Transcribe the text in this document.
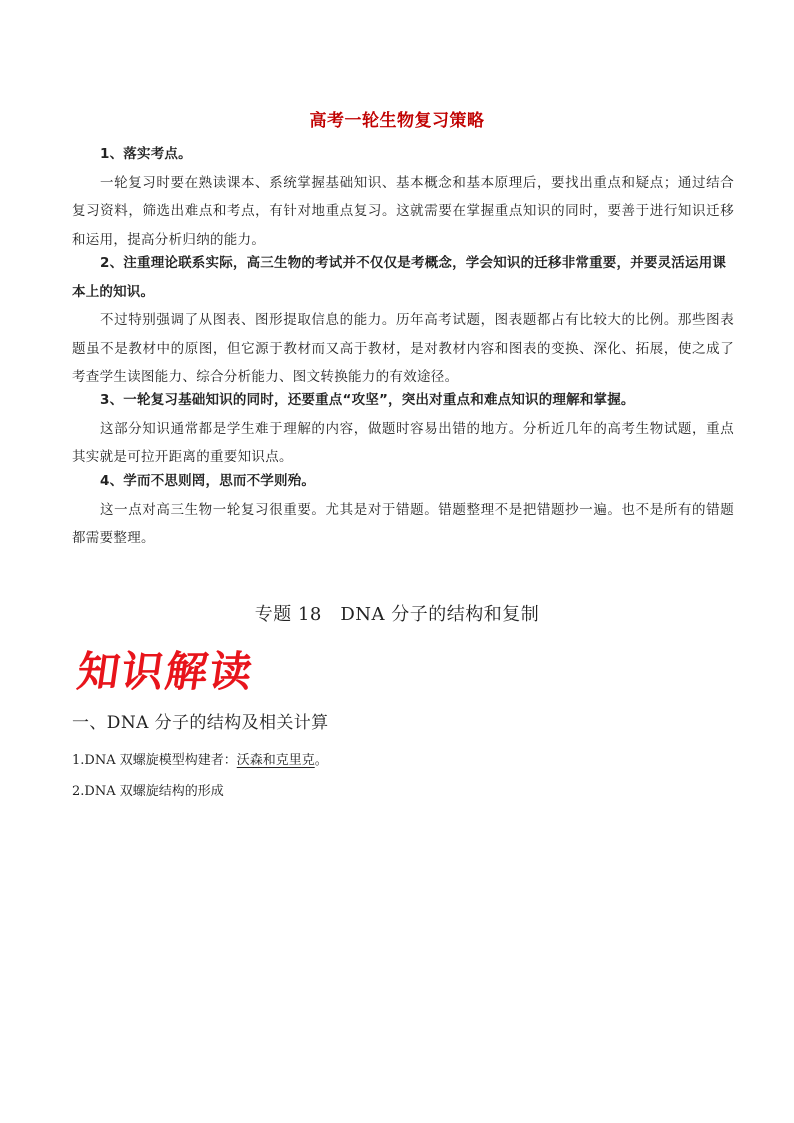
高考一轮生物复习策略
1、落实考点。
一轮复习时要在熟读课本、系统掌握基础知识、基本概念和基本原理后，要找出重点和疑点；通过结合复习资料，筛选出难点和考点，有针对地重点复习。这就需要在掌握重点知识的同时，要善于进行知识迁移和运用，提高分析归纳的能力。
2、注重理论联系实际，高三生物的考试并不仅仅是考概念，学会知识的迁移非常重要，并要灵活运用课本上的知识。
不过特别强调了从图表、图形提取信息的能力。历年高考试题，图表题都占有比较大的比例。那些图表题虽不是教材中的原图，但它源于教材而又高于教材，是对教材内容和图表的变换、深化、拓展，使之成了考查学生读图能力、综合分析能力、图文转换能力的有效途径。
3、一轮复习基础知识的同时，还要重点“攻坚”，突出对重点和难点知识的理解和掌握。
这部分知识通常都是学生难于理解的内容，做题时容易出错的地方。分析近几年的高考生物试题，重点其实就是可拉开距离的重要知识点。
4、学而不思则罔，思而不学则殆。
这一点对高三生物一轮复习很重要。尤其是对于错题。错题整理不是把错题抄一遍。也不是所有的错题都需要整理。
专题 18　DNA 分子的结构和复制
知识解读
一、DNA 分子的结构及相关计算
1.DNA 双螺旋模型构建者：沃森和克里克。
2.DNA 双螺旋结构的形成
